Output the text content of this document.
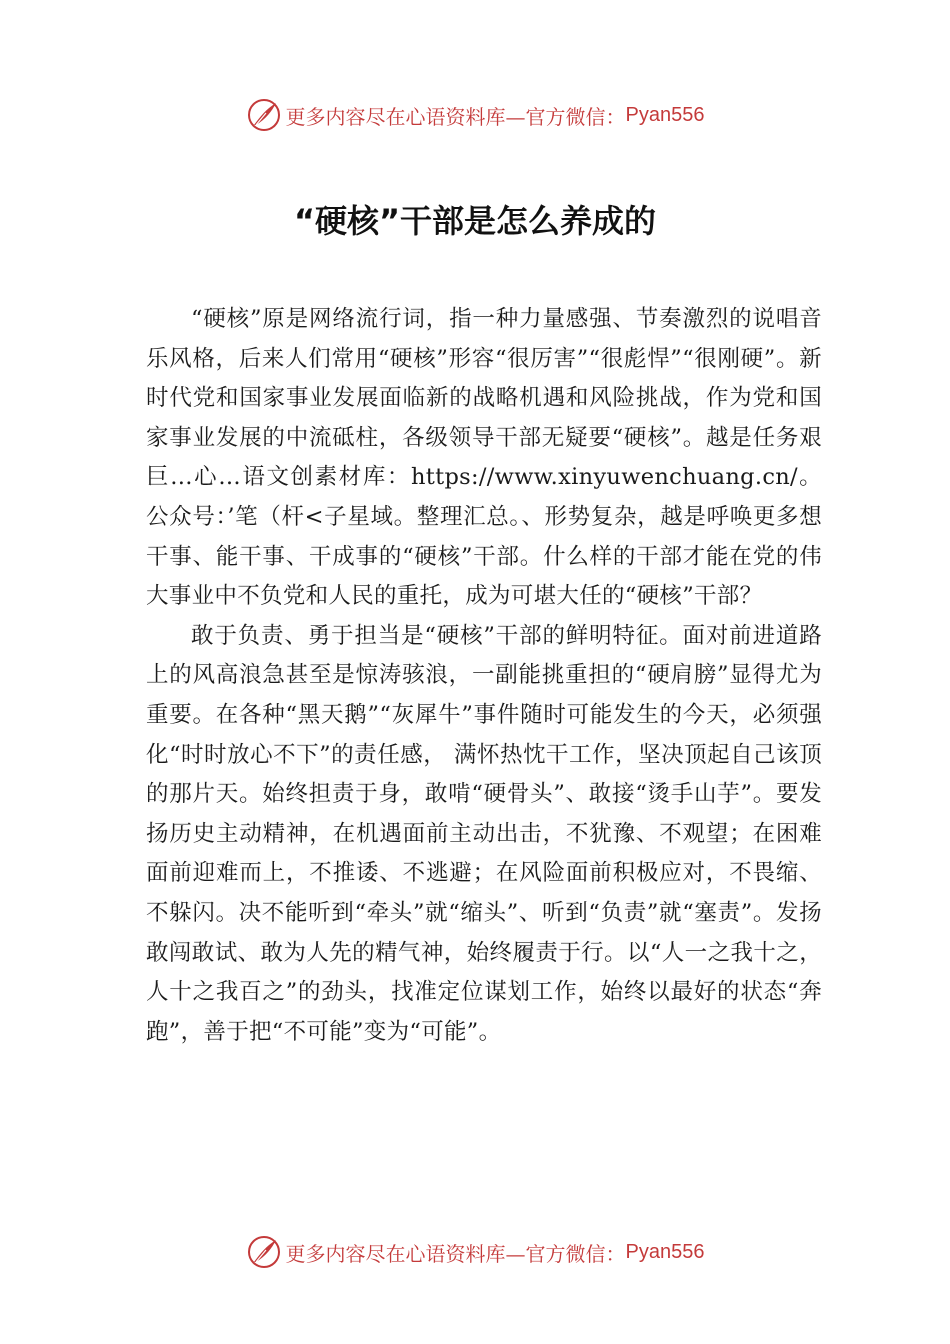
更多内容尽在心语资料库—官方微信： Pyan556
“硬核”干部是怎么养成的

“硬核”原是网络流行词，指一种力量感强、节奏激烈的说唱音乐风格，后来人们常用“硬核”形容“很厉害”“很彪悍”“很刚硬”。新时代党和国家事业发展面临新的战略机遇和风险挑战，作为党和国家事业发展的中流砥柱，各级领导干部无疑要“硬核”。越是任务艰巨…心…语文创素材库：https://www.xinyuwenchuang.cn/。公众号：’笔（杆<子星域。整理汇总。、形势复杂，越是呼唤更多想干事、能干事、干成事的“硬核”干部。什么样的干部才能在党的伟大事业中不负党和人民的重托，成为可堪大任的“硬核”干部？

敢于负责、勇于担当是“硬核”干部的鲜明特征。面对前进道路上的风高浪急甚至是惊涛骇浪，一副能挑重担的“硬肩膀”显得尤为重要。在各种“黑天鹅”“灰犀牛”事件随时可能发生的今天，必须强化“时时放心不下”的责任感， 满怀热忱干工作，坚决顶起自己该顶的那片天。始终担责于身，敢啃“硬骨头”、敢接“烫手山芋”。要发扬历史主动精神，在机遇面前主动出击，不犹豫、不观望；在困难面前迎难而上，不推诿、不逃避；在风险面前积极应对，不畏缩、 不躲闪。决不能听到“牵头”就“缩头”、听到“负责”就“塞责”。发扬敢闯敢试、敢为人先的精气神，始终履责于行。以“人一之我十之，人十之我百之”的劲头，找准定位谋划工作，始终以最好的状态“奔跑”，善于把“不可能”变为“可能”。

更多内容尽在心语资料库—官方微信： Pyan556
